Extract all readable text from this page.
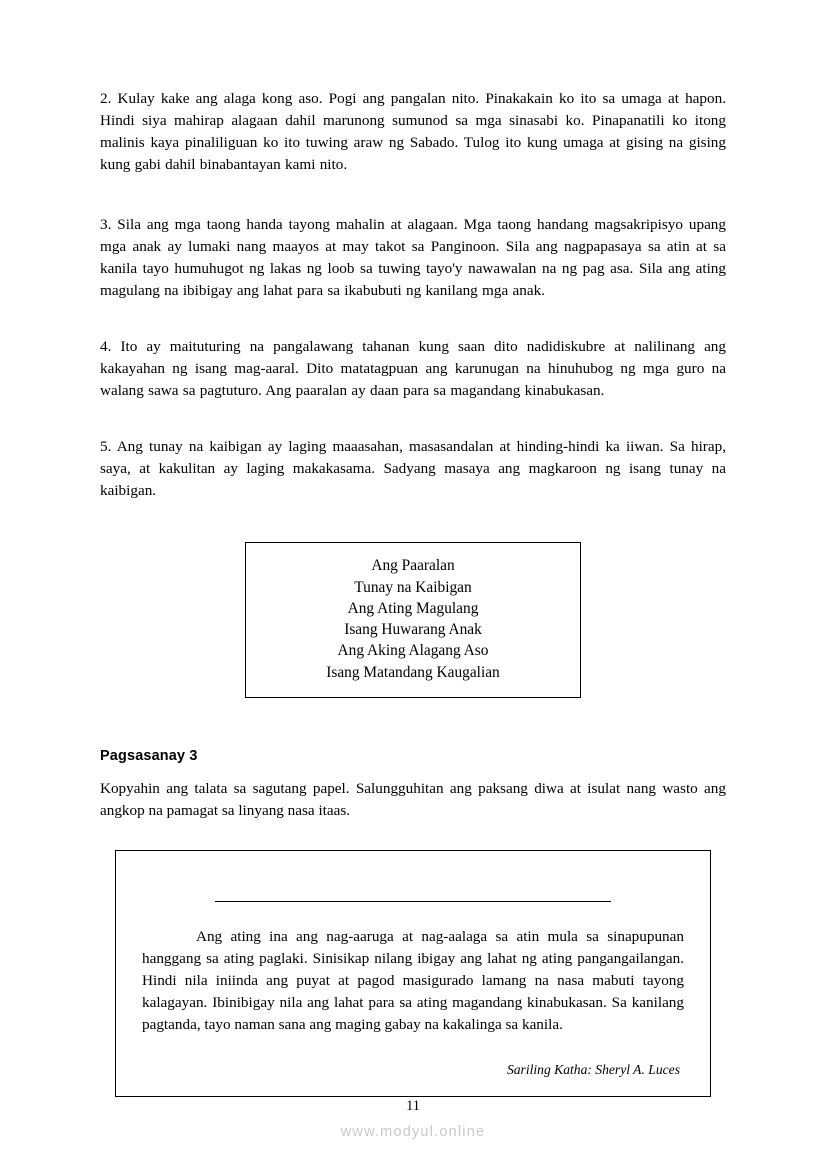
2. Kulay kake ang alaga kong aso. Pogi ang pangalan nito. Pinakakain ko ito sa umaga at hapon. Hindi siya mahirap alagaan dahil marunong sumunod sa mga sinasabi ko. Pinapanatili ko itong malinis kaya pinaliliguan ko ito tuwing araw ng Sabado. Tulog ito kung umaga at gising na gising kung gabi dahil binabantayan kami nito.

3. Sila ang mga taong handa tayong mahalin at alagaan. Mga taong handang magsakripisyo upang mga anak ay lumaki nang maayos at may takot sa Panginoon. Sila ang nagpapasaya sa atin at sa kanila tayo humuhugot ng lakas ng loob sa tuwing tayo'y nawawalan na ng pag asa. Sila ang ating magulang na ibibigay ang lahat para sa ikabubuti ng kanilang mga anak.

4. Ito ay maituturing na pangalawang tahanan kung saan dito nadidiskubre at nalilinang ang kakayahan ng isang mag-aaral. Dito matatagpuan ang karunugan na hinuhubog ng mga guro na walang sawa sa pagtuturo. Ang paaralan ay daan para sa magandang kinabukasan.

5. Ang tunay na kaibigan ay laging maaasahan, masasandalan at hinding-hindi ka iiwan. Sa hirap, saya, at kakulitan ay laging makakasama. Sadyang masaya ang magkaroon ng isang tunay na kaibigan.

Ang Paaralan
Tunay na Kaibigan
Ang Ating Magulang
Isang Huwarang Anak
Ang Aking Alagang Aso
Isang Matandang Kaugalian
Pagsasanay 3

Kopyahin ang talata sa sagutang papel. Salungguhitan ang paksang diwa at isulat nang wasto ang angkop na pamagat sa linyang nasa itaas.

Ang ating ina ang nag-aaruga at nag-aalaga sa atin mula sa sinapupunan hanggang sa ating paglaki. Sinisikap nilang ibigay ang lahat ng ating pangangailangan. Hindi nila iniinda ang puyat at pagod masigurado lamang na nasa mabuti tayong kalagayan. Ibinibigay nila ang lahat para sa ating magandang kinabukasan. Sa kanilang pagtanda, tayo naman sana ang maging gabay na kakalinga sa kanila.

Sariling Katha: Sheryl A. Luces
11
www.modyul.online
